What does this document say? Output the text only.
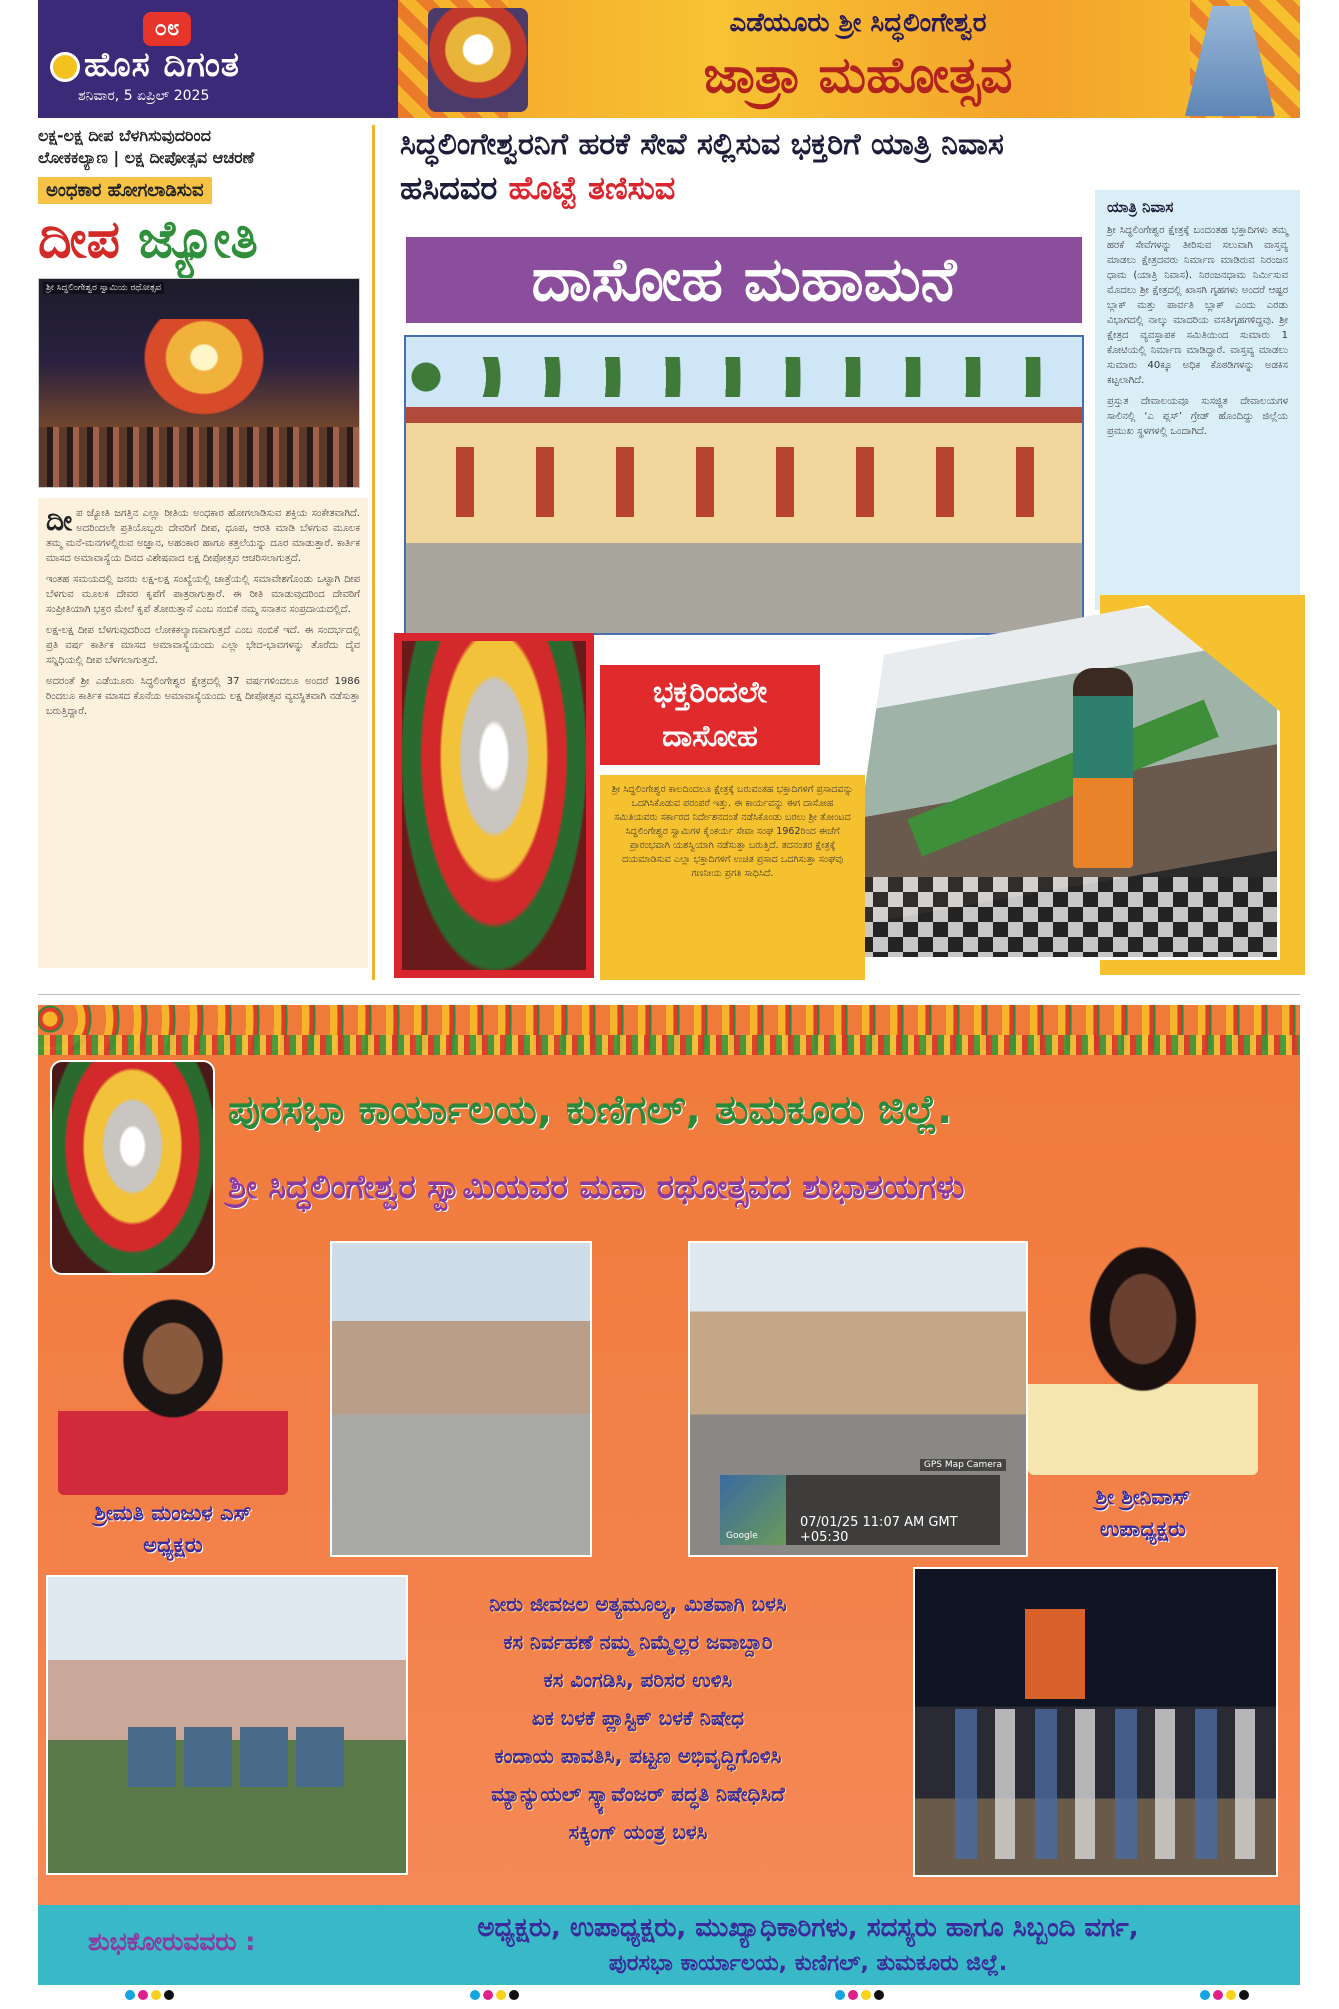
೦೮
ಹೊಸ ದಿಗಂತ
ಶನಿವಾರ, 5 ಏಪ್ರಿಲ್ 2025
ಎಡೆಯೂರು ಶ್ರೀ ಸಿದ್ಧಲಿಂಗೇಶ್ವರ
ಜಾತ್ರಾ ಮಹೋತ್ಸವ
ಲಕ್ಷ-ಲಕ್ಷ ದೀಪ ಬೆಳಗಿಸುವುದರಿಂದ
ಲೋಕಕಲ್ಯಾಣ | ಲಕ್ಷ ದೀಪೋತ್ಸವ ಆಚರಣೆ
ಅಂಧಕಾರ ಹೋಗಲಾಡಿಸುವ
ದೀಪ ಜ್ಯೋತಿ
ಶ್ರೀ ಸಿದ್ಧಲಿಂಗೇಶ್ವರ ಸ್ವಾಮಿಯ ರಥೋತ್ಸವ

ದೀಪ ಜ್ಯೋತಿ ಜಗತ್ತಿನ ಎಲ್ಲಾ ರೀತಿಯ ಅಂಧಕಾರ ಹೋಗಲಾಡಿಸುವ ಶಕ್ತಿಯ ಸಂಕೇತವಾಗಿದೆ. ಅದರಿಂದಲೇ ಪ್ರತಿಯೊಬ್ಬರು ದೇವರಿಗೆ ದೀಪ, ಧೂಪ, ಆರತಿ ಮಾಡಿ ಬೆಳಗುವ ಮೂಲಕ ತಮ್ಮ ಮನೆ-ಮನಗಳಲ್ಲಿರುವ ಅಜ್ಞಾನ, ಅಹಂಕಾರ ಹಾಗೂ ಕತ್ತಲೆಯನ್ನು ದೂರ ಮಾಡುತ್ತಾರೆ. ಕಾರ್ತಿಕ ಮಾಸದ ಅಮಾವಾಸ್ಯೆಯ ದಿನದ ವಿಶೇಷವಾದ ಲಕ್ಷ ದೀಪೋತ್ಸವ ಆಚರಿಸಲಾಗುತ್ತದೆ.

ಇಂತಹ ಸಮಯದಲ್ಲಿ ಜನರು ಲಕ್ಷ-ಲಕ್ಷ ಸಂಖ್ಯೆಯಲ್ಲಿ ಜಾತ್ರೆಯಲ್ಲಿ ಸಮಾವೇಶಗೊಂಡು ಒಟ್ಟಾಗಿ ದೀಪ ಬೆಳಗುವ ಮೂಲಕ ದೇವರ ಕೃಪೆಗೆ ಪಾತ್ರರಾಗುತ್ತಾರೆ. ಈ ರೀತಿ ಮಾಡುವುದರಿಂದ ದೇವರಿಗೆ ಸಂಪ್ರೀತಿಯಾಗಿ ಭಕ್ತರ ಮೇಲೆ ಕೃಪೆ ತೋರುತ್ತಾನೆ ಎಂಬ ನಂಬಿಕೆ ನಮ್ಮ ಸನಾತನ ಸಂಪ್ರದಾಯದಲ್ಲಿದೆ.

ಲಕ್ಷ-ಲಕ್ಷ ದೀಪ ಬೆಳಗುವುದರಿಂದ ಲೋಕಕಲ್ಯಾಣವಾಗುತ್ತದೆ ಎಂಬ ನಂಬಿಕೆ ಇದೆ. ಈ ಸಂದರ್ಭದಲ್ಲಿ ಪ್ರತಿ ವರ್ಷ ಕಾರ್ತಿಕ ಮಾಸದ ಅಮಾವಾಸ್ಯೆಯಂದು ಎಲ್ಲಾ ಭೇದ-ಭಾವಗಳನ್ನು ತೊರೆದು ದೈವ ಸನ್ನಿಧಿಯಲ್ಲಿ ದೀಪ ಬೆಳಗಲಾಗುತ್ತದೆ.

ಅದರಂತೆ ಶ್ರೀ ಎಡೆಯೂರು ಸಿದ್ಧಲಿಂಗೇಶ್ವರ ಕ್ಷೇತ್ರದಲ್ಲಿ 37 ವರ್ಷಗಳಿಂದಲೂ ಅಂದರೆ 1986 ರಿಂದಲೂ ಕಾರ್ತಿಕ ಮಾಸದ ಕೊನೆಯ ಅಮಾವಾಸ್ಯೆಯಂದು ಲಕ್ಷ ದೀಪೋತ್ಸವ ವ್ಯವಸ್ಥಿತವಾಗಿ ನಡೆಸುತ್ತಾ ಬರುತ್ತಿದ್ದಾರೆ.

ಸಿದ್ಧಲಿಂಗೇಶ್ವರನಿಗೆ ಹರಕೆ ಸೇವೆ ಸಲ್ಲಿಸುವ ಭಕ್ತರಿಗೆ ಯಾತ್ರಿ ನಿವಾಸ
ಹಸಿದವರ ಹೊಟ್ಟೆ ತಣಿಸುವ
ದಾಸೋಹ ಮಹಾಮನೆ
ಯಾತ್ರಿ ನಿವಾಸ

ಶ್ರೀ ಸಿದ್ಧಲಿಂಗೇಶ್ವರ ಕ್ಷೇತ್ರಕ್ಕೆ ಬಂದಂತಹ ಭಕ್ತಾದಿಗಳು ತಮ್ಮ ಹರಕೆ ಸೇವೆಗಳನ್ನು ತೀರಿಸುವ ಸಲುವಾಗಿ ವಾಸ್ತವ್ಯ ಮಾಡಲು ಕ್ಷೇತ್ರದವರು ನಿರ್ಮಾಣ ಮಾಡಿರುವ ನಿರಂಜನ ಧಾಮ (ಯಾತ್ರಿ ನಿವಾಸ). ನಿರಂಜನಧಾಮ ನಿರ್ಮಿಸುವ ಮೊದಲು ಶ್ರೀ ಕ್ಷೇತ್ರದಲ್ಲಿ ಖಾಸಗಿ ಗೃಹಗಳು ಅಂದರೆ ಆಷ್ಟರ ಬ್ಲಾಕ್ ಮತ್ತು ಪಾರ್ವತಿ ಬ್ಲಾಕ್ ಎಂದು ಎರಡು ವಿಭಾಗದಲ್ಲಿ ನಾಲ್ಕು ಮಾದರಿಯ ವಸತಿಗೃಹಗಳಿದ್ದವು. ಶ್ರೀ ಕ್ಷೇತ್ರದ ವ್ಯವಸ್ಥಾಪಕ ಸಮಿತಿಯಿಂದ ಸುಮಾರು 1 ಕೋಟಿಯಲ್ಲಿ ನಿರ್ಮಾಣ ಮಾಡಿದ್ದಾರೆ. ವಾಸ್ತವ್ಯ ಮಾಡಲು ಸುಮಾರು 40ಕ್ಕೂ ಅಧಿಕ ಕೊಠಡಿಗಳನ್ನು ಅಡಕಿಸ ಕಟ್ಟಲಾಗಿದೆ.

ಪ್ರಸ್ತುತ ದೇವಾಲಯವೂ ಸುಸಜ್ಜಿತ ದೇವಾಲಯಗಳ ಸಾಲಿನಲ್ಲಿ ‘ಎ ಪ್ಲಸ್’ ಗ್ರೇಡ್ ಹೊಂದಿದ್ದು ಜಿಲ್ಲೆಯ ಪ್ರಮುಖ ಸ್ಥಳಗಳಲ್ಲಿ ಒಂದಾಗಿದೆ.

ಭಕ್ತರಿಂದಲೇ
ದಾಸೋಹ
ಶ್ರೀ ಸಿದ್ಧಲಿಂಗೇಶ್ವರ ಕಾಲದಿಂದಲೂ ಕ್ಷೇತ್ರಕ್ಕೆ ಬರುವಂತಹ ಭಕ್ತಾದಿಗಳಿಗೆ ಪ್ರಸಾದವನ್ನು ಒದಗಿಸಿಕೊಡುವ ಪರಂಪರೆ ಇತ್ತು. ಈ ಕಾರ್ಯವನ್ನು ಈಗ ದಾಸೋಹ ಸಮಿತಿಯವರು ಸರ್ಕಾರದ ನಿರ್ದೇಶನದಂತೆ ನಡೆಸಿಕೊಂಡು ಬರಲು ಶ್ರೀ ತೋಂಟದ ಸಿದ್ಧಲಿಂಗೇಶ್ವರ ಸ್ವಾಮಿಗಳ ಕೈಂಕರ್ಯ ಸೇವಾ ಸಂಘ 1962ರಿಂದ ಈಚೆಗೆ ಪ್ರಾರಂಭವಾಗಿ ಯಶಸ್ವಿಯಾಗಿ ನಡೆಸುತ್ತಾ ಬರುತ್ತಿದೆ. ತದನಂತರ ಕ್ಷೇತ್ರಕ್ಕೆ ದಯಮಾಡಿಸುವ ಎಲ್ಲಾ ಭಕ್ತಾದಿಗಳಿಗೆ ಉಚಿತ ಪ್ರಸಾದ ಒದಗಿಸುತ್ತಾ ಸಂಘವು ಗಣನೀಯ ಪ್ರಗತಿ ಸಾಧಿಸಿದೆ.
ಪುರಸಭಾ ಕಾರ್ಯಾಲಯ, ಕುಣಿಗಲ್, ತುಮಕೂರು ಜಿಲ್ಲೆ.
ಶ್ರೀ ಸಿದ್ಧಲಿಂಗೇಶ್ವರ ಸ್ವಾಮಿಯವರ ಮಹಾ ರಥೋತ್ಸವದ ಶುಭಾಶಯಗಳು
ಶ್ರೀಮತಿ ಮಂಜುಳ ಎಸ್
ಅಧ್ಯಕ್ಷರು
GPS Map Camera
07/01/25 11:07 AM GMT +05:30
Google
ಶ್ರೀ ಶ್ರೀನಿವಾಸ್
ಉಪಾಧ್ಯಕ್ಷರು
ನೀರು ಜೀವಜಲ ಅತ್ಯಮೂಲ್ಯ, ಮಿತವಾಗಿ ಬಳಸಿ
ಕಸ ನಿರ್ವಹಣೆ ನಮ್ಮ ನಿಮ್ಮೆಲ್ಲರ ಜವಾಬ್ದಾರಿ
ಕಸ ವಿಂಗಡಿಸಿ, ಪರಿಸರ ಉಳಿಸಿ
ಏಕ ಬಳಕೆ ಪ್ಲಾಸ್ಟಿಕ್ ಬಳಕೆ ನಿಷೇಧ
ಕಂದಾಯ ಪಾವತಿಸಿ, ಪಟ್ಟಣ ಅಭಿವೃದ್ಧಿಗೊಳಿಸಿ
ಮ್ಯಾನ್ಯುಯಲ್ ಸ್ಕ್ಯಾವೆಂಜರ್ ಪದ್ಧತಿ ನಿಷೇಧಿಸಿದೆ
ಸಕ್ಕಿಂಗ್ ಯಂತ್ರ ಬಳಸಿ
ಶುಭಕೋರುವವರು :	ಅಧ್ಯಕ್ಷರು, ಉಪಾಧ್ಯಕ್ಷರು, ಮುಖ್ಯಾಧಿಕಾರಿಗಳು, ಸದಸ್ಯರು ಹಾಗೂ ಸಿಬ್ಬಂದಿ ವರ್ಗ,
ಪುರಸಭಾ ಕಾರ್ಯಾಲಯ, ಕುಣಿಗಲ್, ತುಮಕೂರು ಜಿಲ್ಲೆ.
